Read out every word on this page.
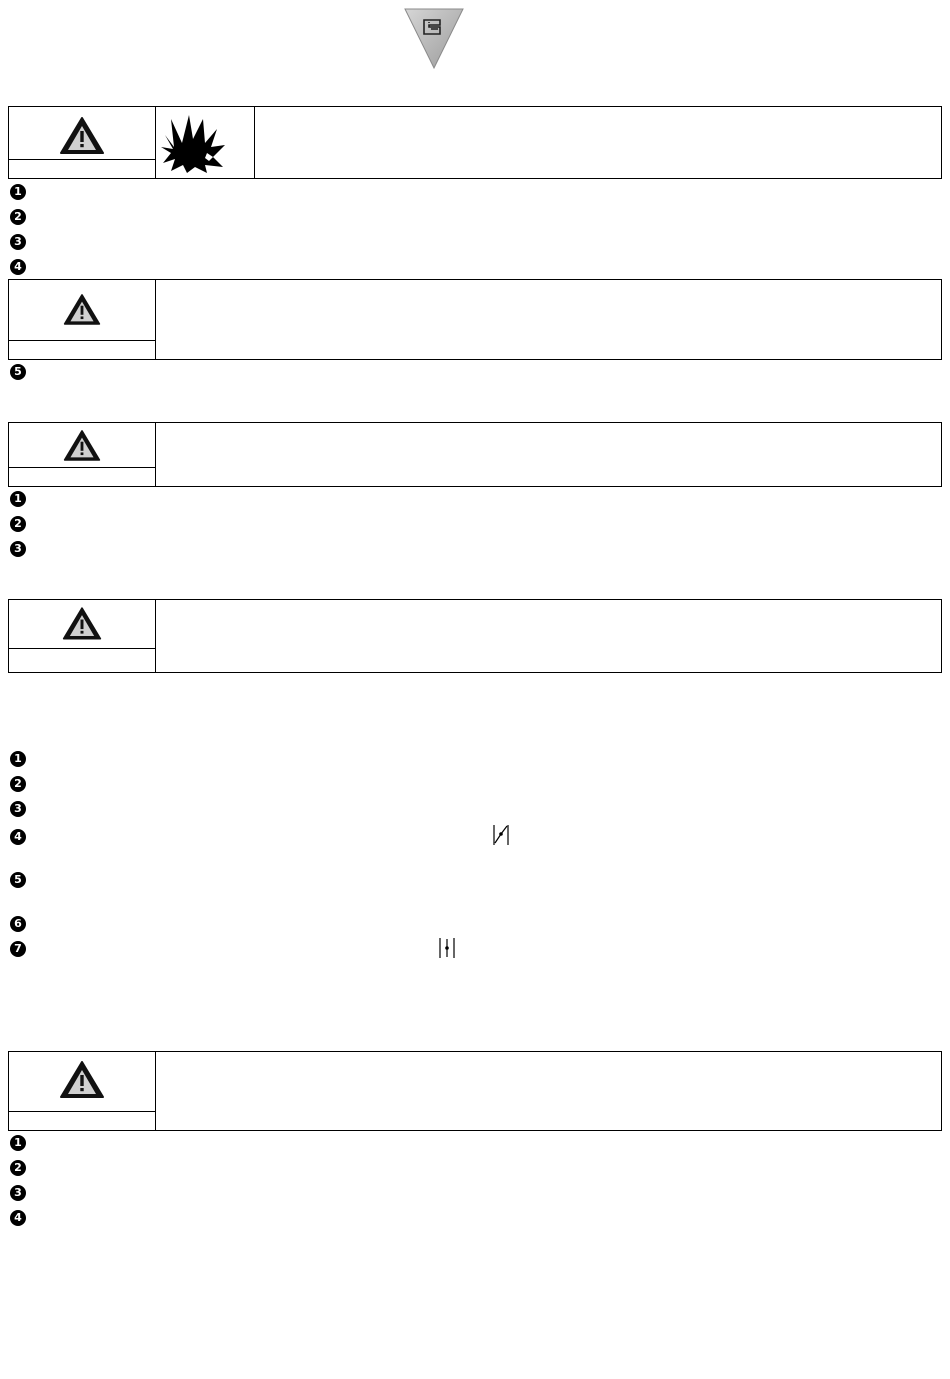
1
2
3
4
5
1
2
3
1
2
3
4
5
6
7
1
2
3
4
